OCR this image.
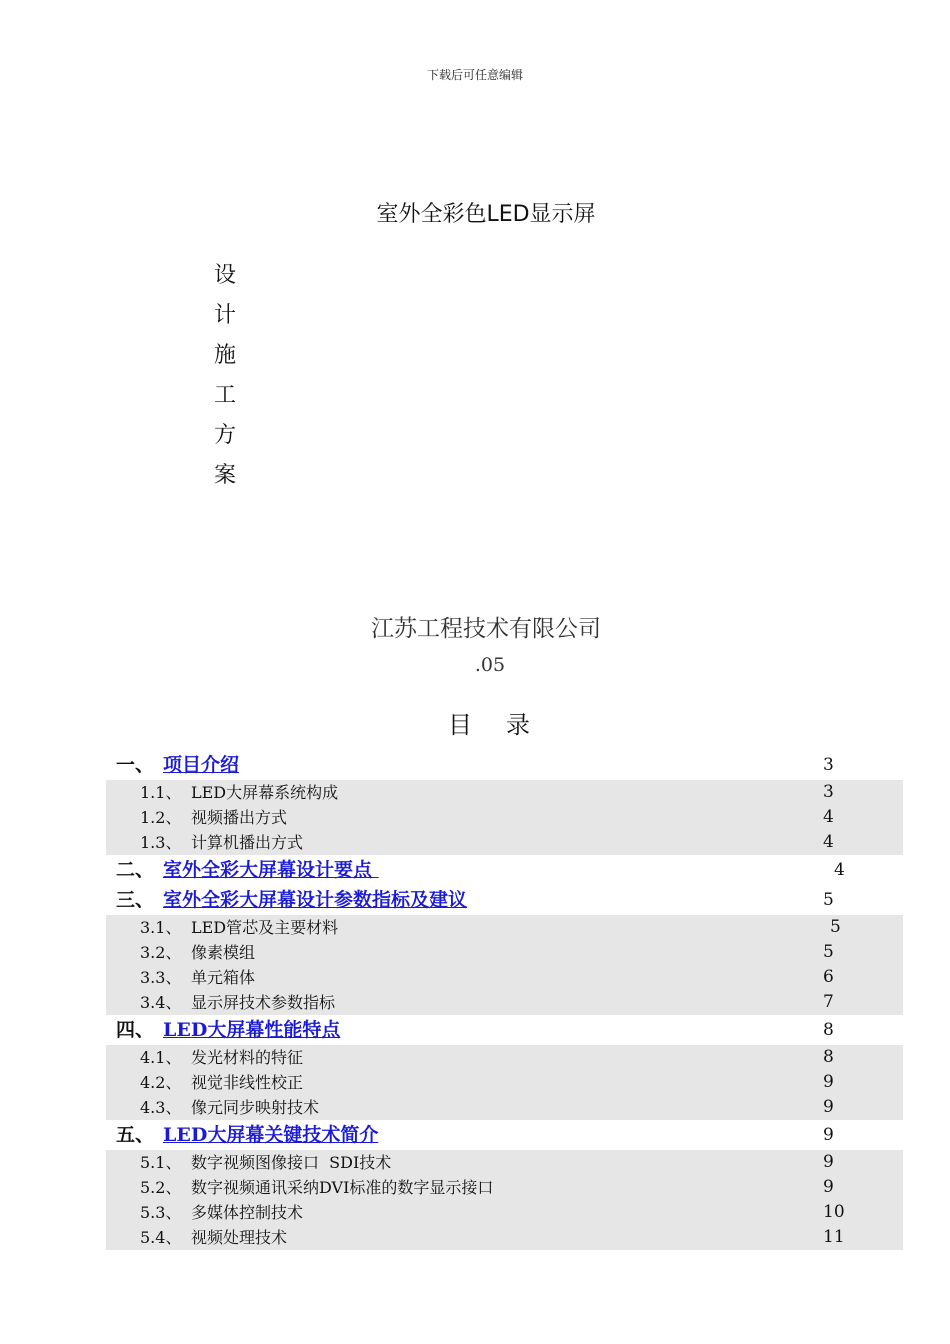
下载后可任意编辑
室外全彩色LED显示屏
设
计
施
工
方
案
江苏工程技术有限公司
.05
目录
一、 项目介绍	3
1.1、 LED大屏幕系统构成	3
1.2、 视频播出方式	4
1.3、 计算机播出方式	4
二、 室外全彩大屏幕设计要点	4
三、 室外全彩大屏幕设计参数指标及建议	5
3.1、 LED管芯及主要材料	5
3.2、 像素模组	5
3.3、 单元箱体	6
3.4、 显示屏技术参数指标	7
四、 LED大屏幕性能特点	8
4.1、 发光材料的特征	8
4.2、 视觉非线性校正	9
4.3、 像元同步映射技术	9
五、 LED大屏幕关键技术简介	9
5.1、 数字视频图像接口  SDI技术	9
5.2、 数字视频通讯采纳DVI标准的数字显示接口	9
5.3、 多媒体控制技术	10
5.4、 视频处理技术	11
